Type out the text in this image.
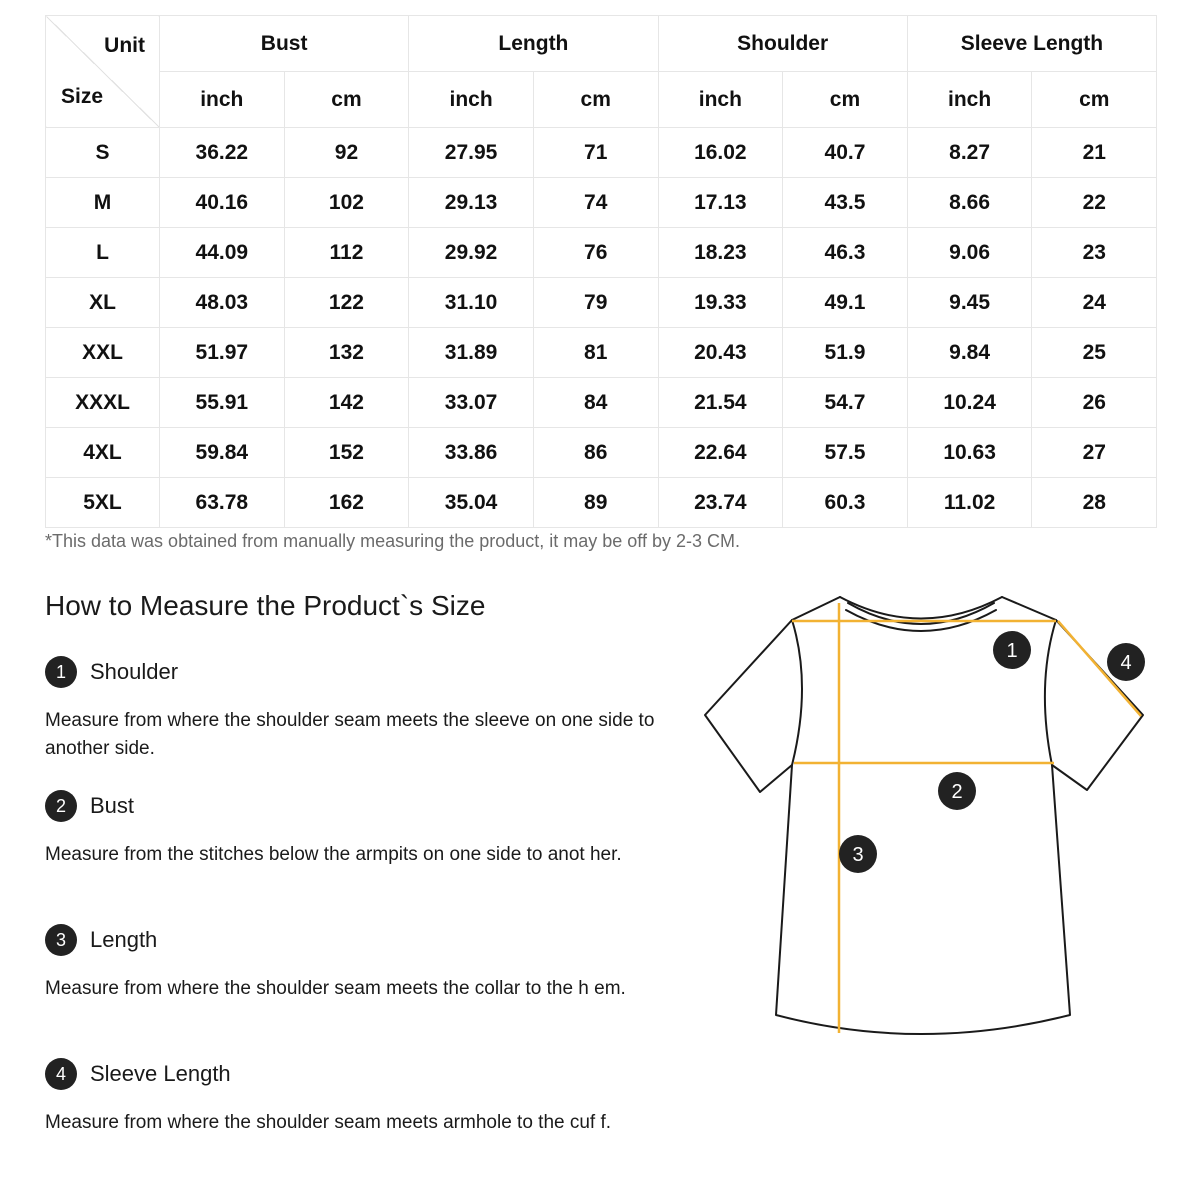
Unit
Size	Bust		Length		Shoulder		Sleeve Length	
	inch	cm	inch	cm	inch	cm	inch	cm
S	36.22	92	27.95	71	16.02	40.7	8.27	21
M	40.16	102	29.13	74	17.13	43.5	8.66	22
L	44.09	112	29.92	76	18.23	46.3	9.06	23
XL	48.03	122	31.10	79	19.33	49.1	9.45	24
XXL	51.97	132	31.89	81	20.43	51.9	9.84	25
XXXL	55.91	142	33.07	84	21.54	54.7	10.24	26
4XL	59.84	152	33.86	86	22.64	57.5	10.63	27
5XL	63.78	162	35.04	89	23.74	60.3	11.02	28
*This data was obtained from manually measuring the product, it may be off by 2-3 CM.
How to Measure the Product`s Size
1	Shoulder
Measure from where the shoulder seam meets the sleeve on one side to another side.
2	Bust
Measure from the stitches below the armpits on one side to anot her.
3	Length
Measure from where the shoulder seam meets the collar to the h em.
4	Sleeve Length
Measure from where the shoulder seam meets armhole to the cuf f.
1
2
3
4
